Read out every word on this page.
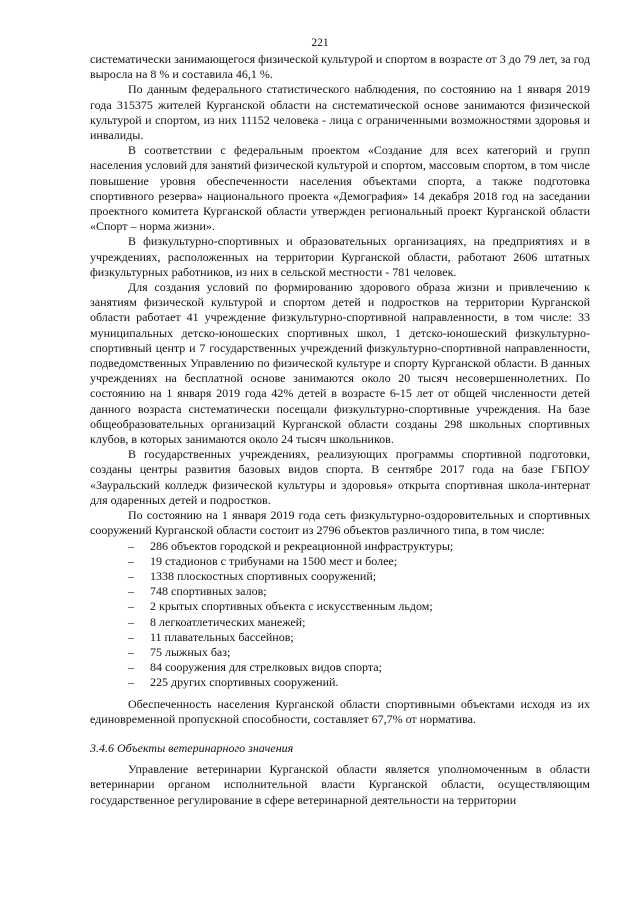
221

систематически занимающегося физической культурой и спортом в возрасте от 3 до 79 лет, за год выросла на 8 % и составила 46,1 %.

По данным федерального статистического наблюдения, по состоянию на 1 января 2019 года 315375 жителей Курганской области на систематической основе занимаются физической культурой и спортом, из них 11152 человека - лица с ограниченными возможностями здоровья и инвалиды.

В соответствии с федеральным проектом «Создание для всех категорий и групп населения условий для занятий физической культурой и спортом, массовым спортом, в том числе повышение уровня обеспеченности населения объектами спорта, а также подготовка спортивного резерва» национального проекта «Демография» 14 декабря 2018 год на заседании проектного комитета Курганской области утвержден региональный проект Курганской области «Спорт – норма жизни».

В физкультурно-спортивных и образовательных организациях, на предприятиях и в учреждениях, расположенных на территории Курганской области, работают 2606 штатных физкультурных работников, из них в сельской местности - 781 человек.

Для создания условий по формированию здорового образа жизни и привлечению к занятиям физической культурой и спортом детей и подростков на территории Курганской области работает 41 учреждение физкультурно-спортивной направленности, в том числе: 33 муниципальных детско-юношеских спортивных школ, 1 детско-юношеский физкультурно-спортивный центр и 7 государственных учреждений физкультурно-спортивной направленности, подведомственных Управлению по физической культуре и спорту Курганской области. В данных учреждениях на бесплатной основе занимаются около 20 тысяч несовершеннолетних. По состоянию на 1 января 2019 года 42% детей в возрасте 6-15 лет от общей численности детей данного возраста систематически посещали физкультурно-спортивные учреждения. На базе общеобразовательных организаций Курганской области созданы 298 школьных спортивных клубов, в которых занимаются около 24 тысяч школьников.

В государственных учреждениях, реализующих программы спортивной подготовки, созданы центры развития базовых видов спорта. В сентябре 2017 года на базе ГБПОУ «Зауральский колледж физической культуры и здоровья» открыта спортивная школа-интернат для одаренных детей и подростков.

По состоянию на 1 января 2019 года сеть физкультурно-оздоровительных и спортивных сооружений Курганской области состоит из 2796 объектов различного типа, в том числе:

– 286 объектов городской и рекреационной инфраструктуры;
– 19 стадионов с трибунами на 1500 мест и более;
– 1338 плоскостных спортивных сооружений;
– 748 спортивных залов;
– 2 крытых спортивных объекта с искусственным льдом;
– 8 легкоатлетических манежей;
– 11 плавательных бассейнов;
– 75 лыжных баз;
– 84 сооружения для стрелковых видов спорта;
– 225 других спортивных сооружений.

Обеспеченность населения Курганской области спортивными объектами исходя из их единовременной пропускной способности, составляет 67,7% от норматива.

3.4.6 Объекты ветеринарного значения

Управление ветеринарии Курганской области является уполномоченным в области ветеринарии органом исполнительной власти Курганской области, осуществляющим государственное регулирование в сфере ветеринарной деятельности на территории
